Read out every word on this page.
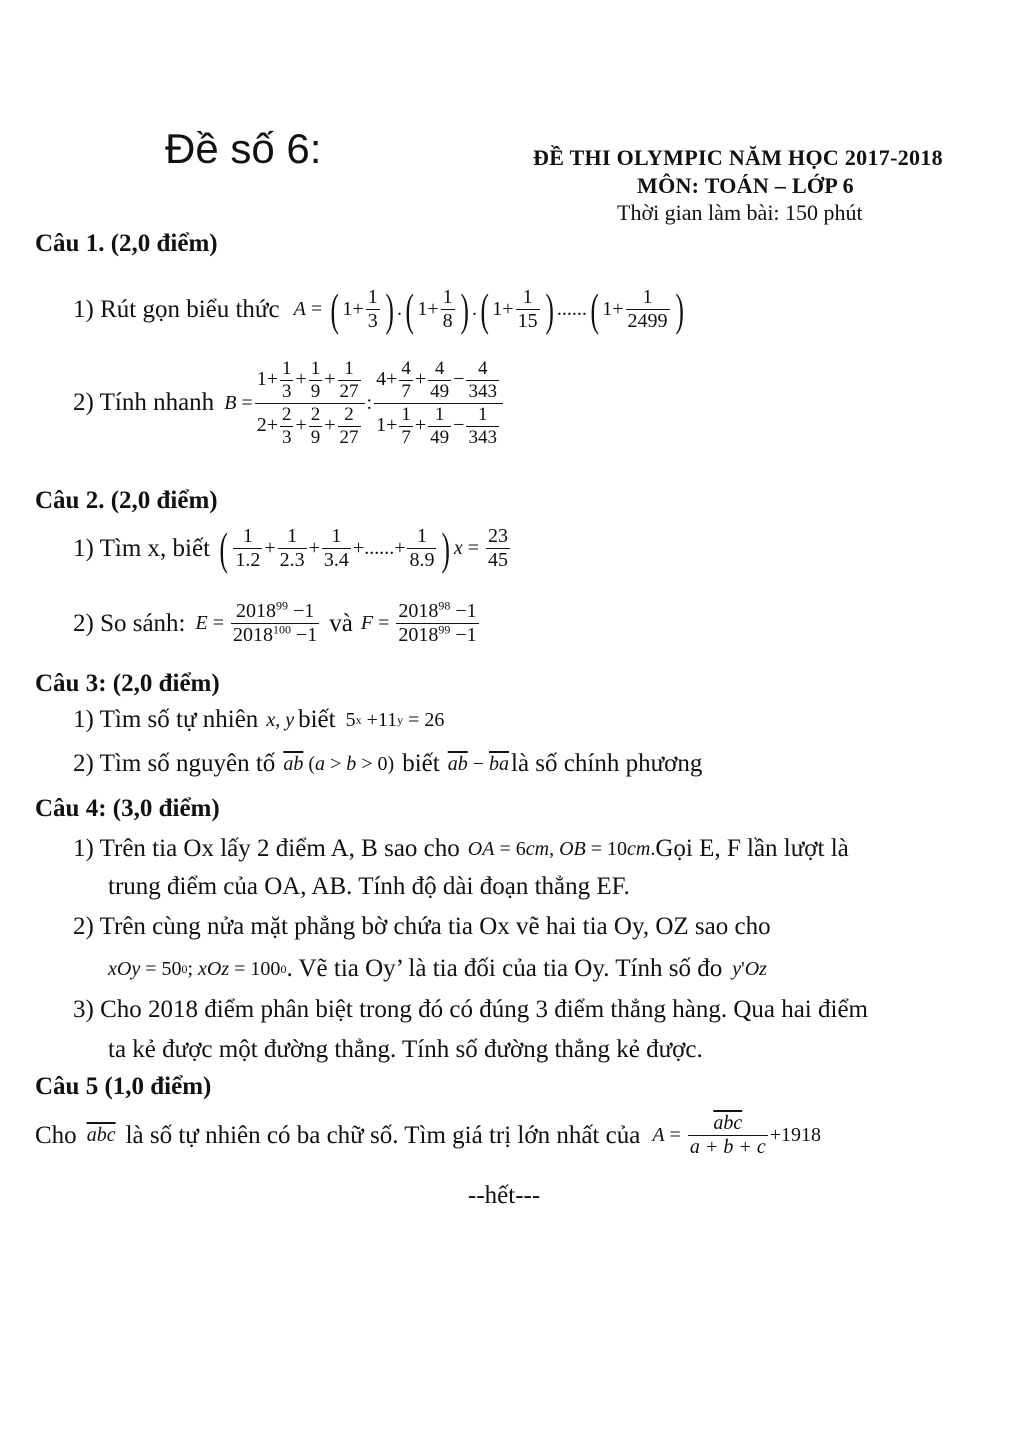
Đề số 6:	ĐỀ THI OLYMPIC NĂM HỌC 2017-2018
MÔN: TOÁN – LỚP 6
Thời gian làm bài: 150 phút
Câu 1. (2,0 điểm)
1) Rút gọn biểu thức A = ( $1+ \frac{1}{3}$ ) . ( $1+ \frac{1}{8}$ ) . ( $1+ \frac{1}{15}$ ) ...... ( $1+ \frac{1}{2499}$ )
2) Tính nhanh $B = \frac{1+ \frac{1}{3} + \frac{1}{9} + \frac{1}{27}}{2+ \frac{2}{3} + \frac{2}{9} + \frac{2}{27}}$ : $\frac{4+ \frac{4}{7} + \frac{4}{49} - \frac{4}{343}}{1+ \frac{1}{7} + \frac{1}{49} - \frac{1}{343}}$
Câu 2. (2,0 điểm)
1) Tìm x, biết ( $\frac{1}{1.2} + \frac{1}{2.3} + \frac{1}{3.4}$ +......+ $\frac{1}{8.9}$ ) $x = \frac{23}{45}$
2) So sánh: $E = \frac{2018^{99} -1}{2018^{100} -1}$ và $F = \frac{2018^{98} -1}{2018^{99} -1}$
Câu 3: (2,0 điểm)
1) Tìm số tự nhiên x, y biết 5 x +11 y = 26
2) Tìm số nguyên tố $\overline{ab}$ ( a > b > 0) biết $\overline{ab} - \overline{ba}$ là số chính phương
Câu 4: (3,0 điểm)
1) Trên tia Ox lấy 2 điểm A, B sao cho OA = 6 cm , OB = 10 cm . Gọi E, F lần lượt là
trung điểm của OA, AB. Tính độ dài đoạn thẳng EF.
2) Trên cùng nửa mặt phẳng bờ chứa tia Ox vẽ hai tia Oy, OZ sao cho
xOy = 50 0 ; xOz = 100 0 . Vẽ tia Oy’ là tia đối của tia Oy. Tính số đo y ' Oz
3) Cho 2018 điểm phân biệt trong đó có đúng 3 điểm thẳng hàng. Qua hai điểm
ta kẻ được một đường thẳng. Tính số đường thẳng kẻ được.
Câu 5 (1,0 điểm)
Cho $\overline{abc}$ là số tự nhiên có ba chữ số. Tìm giá trị lớn nhất của $A = \frac{\overline{abc}}{a + b + c} +1918$
--hết---
